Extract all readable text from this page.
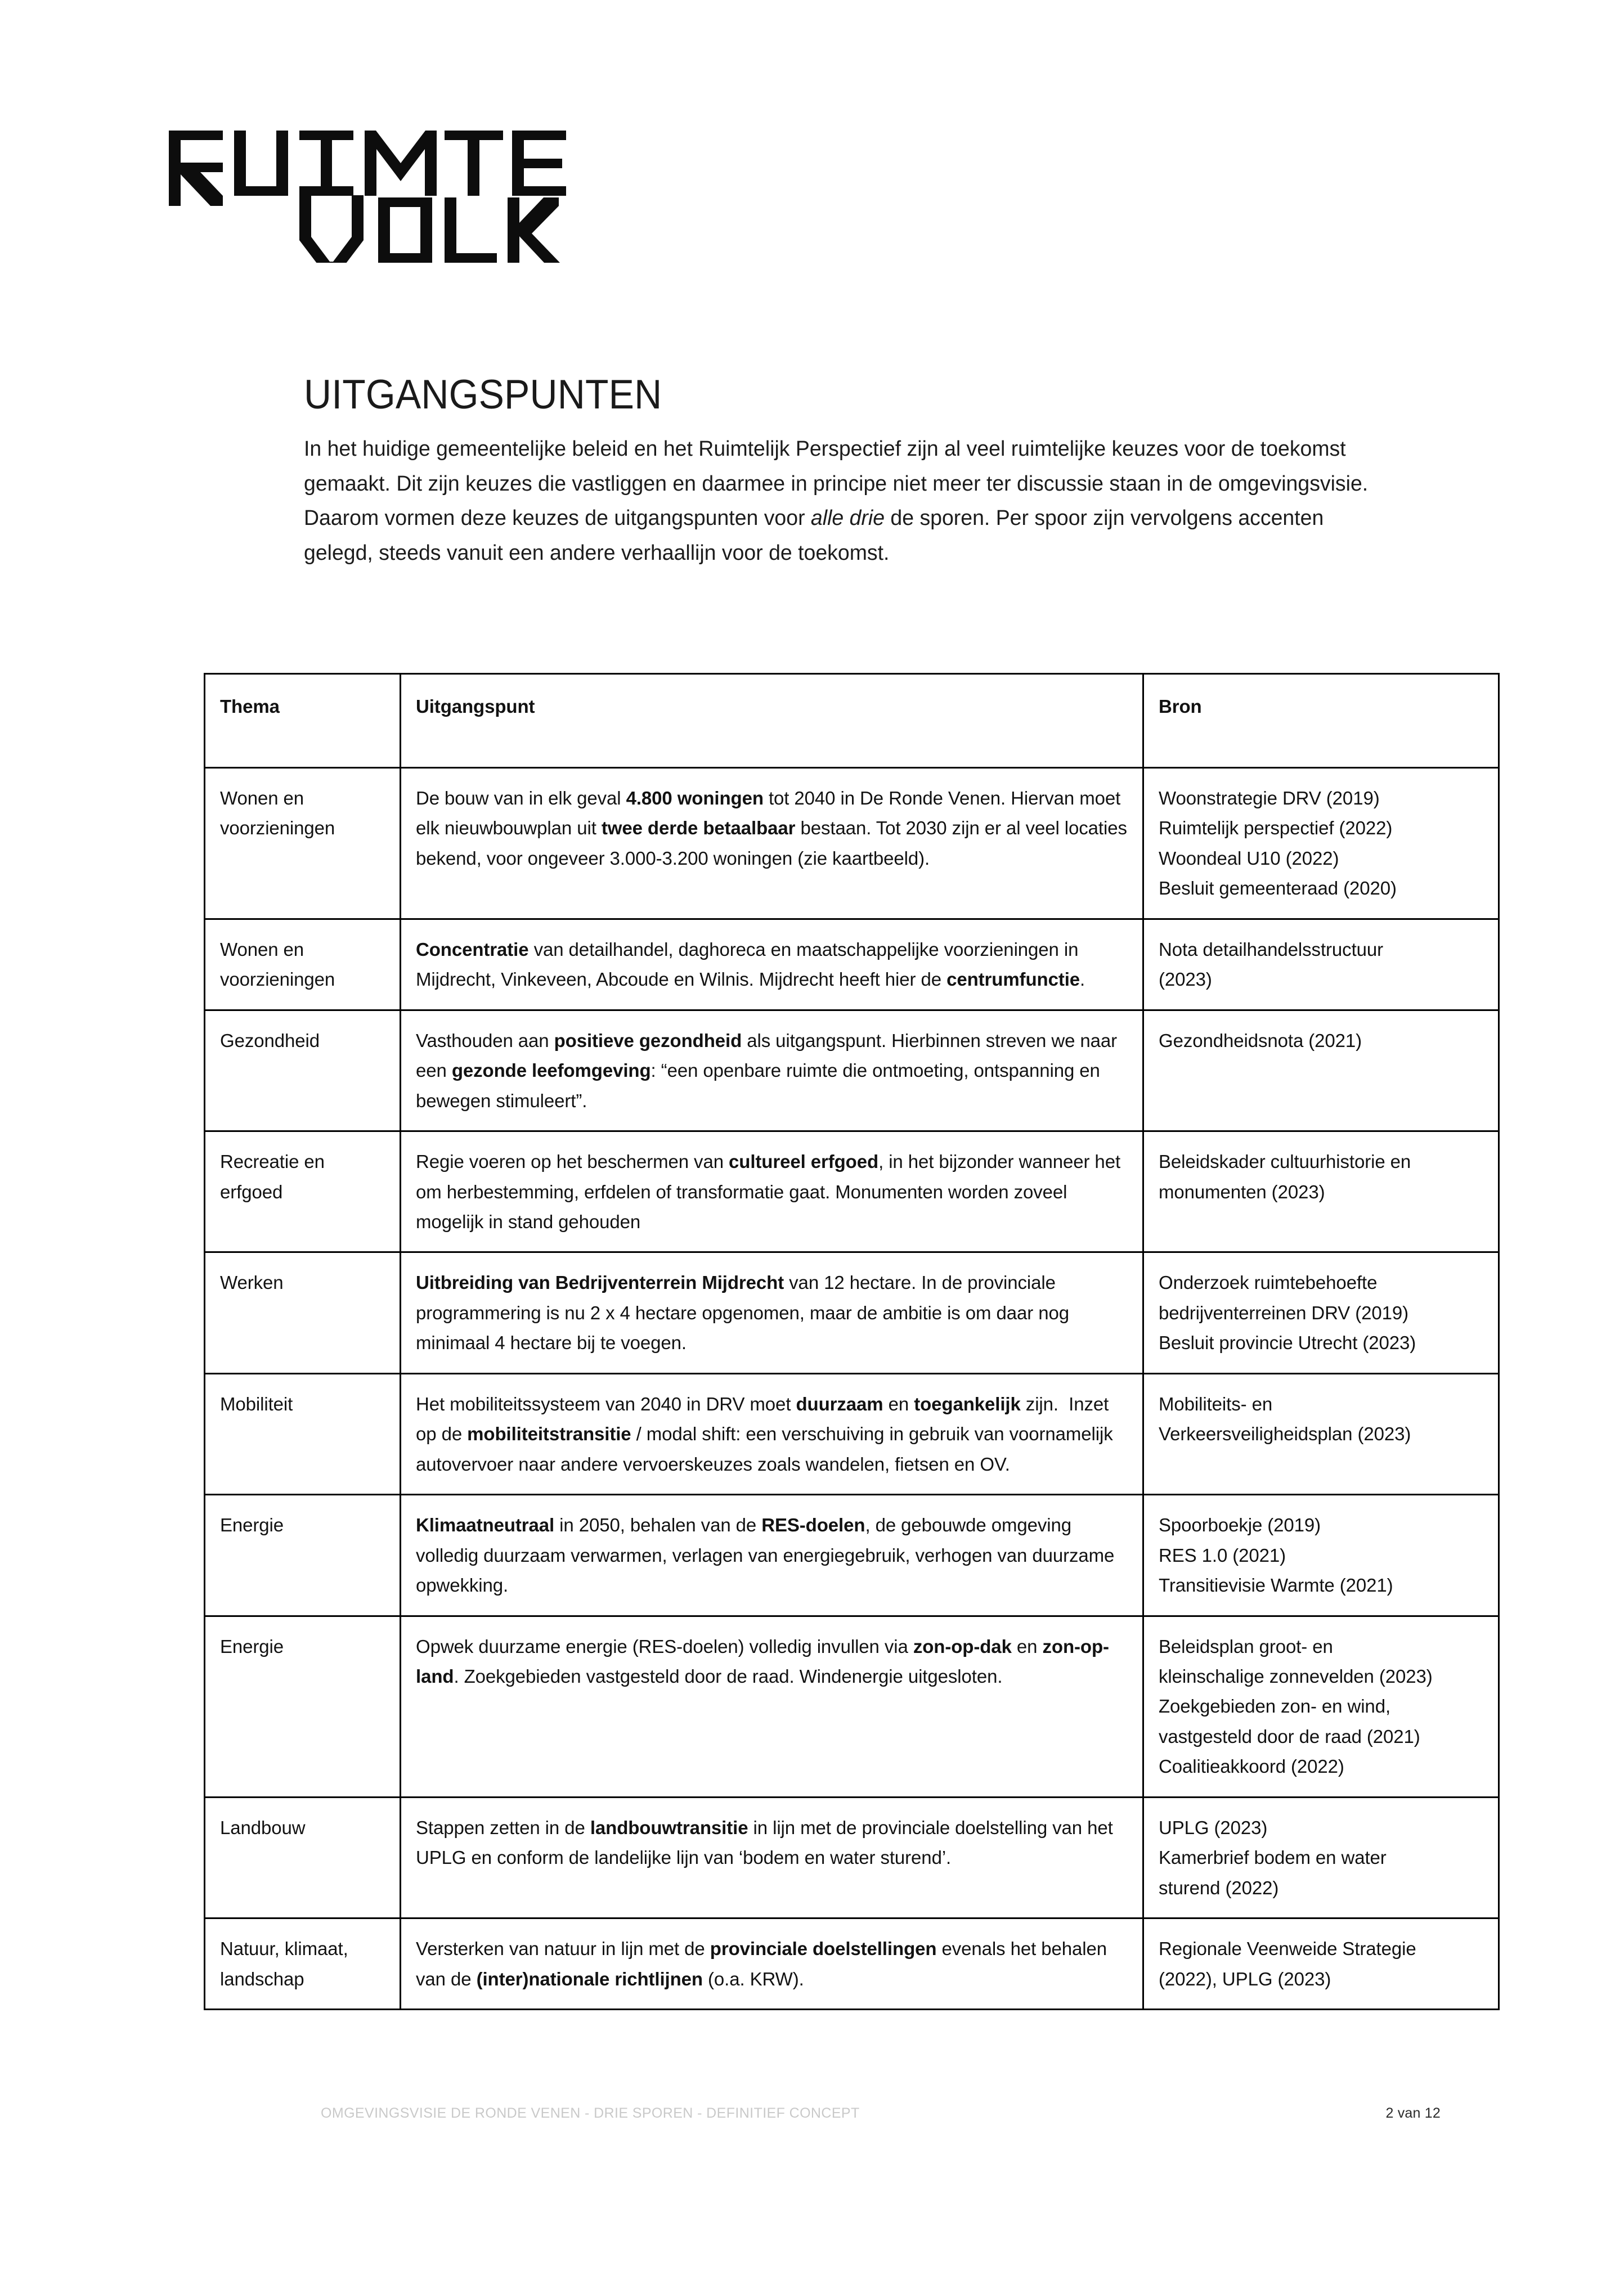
UITGANGSPUNTEN

In het huidige gemeentelijke beleid en het Ruimtelijk Perspectief zijn al veel ruimtelijke keuzes voor de toekomst gemaakt. Dit zijn keuzes die vastliggen en daarmee in principe niet meer ter discussie staan in de omgevingsvisie. Daarom vormen deze keuzes de uitgangspunten voor alle drie de sporen. Per spoor zijn vervolgens accenten gelegd, steeds vanuit een andere verhaallijn voor de toekomst.

Thema	Uitgangspunt	Bron
Wonen en voorzieningen	De bouw van in elk geval 4.800 woningen tot 2040 in De Ronde Venen. Hiervan moet elk nieuwbouwplan uit twee derde betaalbaar bestaan. Tot 2030 zijn er al veel locaties bekend, voor ongeveer 3.000-3.200 woningen (zie kaartbeeld).	
Woonstrategie DRV (2019)
Ruimtelijk perspectief (2022)
Woondeal U10 (2022)
Besluit gemeenteraad (2020)

Wonen en voorzieningen	Concentratie van detailhandel, daghoreca en maatschappelijke voorzieningen in Mijdrecht, Vinkeveen, Abcoude en Wilnis. Mijdrecht heeft hier de centrumfunctie.	Nota detailhandelsstructuur
(2023)

Gezondheid	Vasthouden aan positieve gezondheid als uitgangspunt. Hierbinnen streven we naar een gezonde leefomgeving: “een openbare ruimte die ontmoeting, ontspanning en bewegen stimuleert”.	Gezondheidsnota (2021)

Recreatie en erfgoed	Regie voeren op het beschermen van cultureel erfgoed, in het bijzonder wanneer het om herbestemming, erfdelen of transformatie gaat. Monumenten worden zoveel mogelijk in stand gehouden	Beleidskader cultuurhistorie en
monumenten (2023)

Werken	Uitbreiding van Bedrijventerrein Mijdrecht van 12 hectare. In de provinciale programmering is nu 2 x 4 hectare opgenomen, maar de ambitie is om daar nog minimaal 4 hectare bij te voegen.	Onderzoek ruimtebehoefte
bedrijventerreinen DRV (2019)
Besluit provincie Utrecht (2023)

Mobiliteit	Het mobiliteitssysteem van 2040 in DRV moet duurzaam en toegankelijk zijn.  Inzet op de mobiliteitstransitie / modal shift: een verschuiving in gebruik van voornamelijk autovervoer naar andere vervoerskeuzes zoals wandelen, fietsen en OV.	Mobiliteits- en
Verkeersveiligheidsplan (2023)

Energie	Klimaatneutraal in 2050, behalen van de RES-doelen, de gebouwde omgeving volledig duurzaam verwarmen, verlagen van energiegebruik, verhogen van duurzame opwekking.	Spoorboekje (2019)
RES 1.0 (2021)
Transitievisie Warmte (2021)

Energie	Opwek duurzame energie (RES-doelen) volledig invullen via zon-op-dak en zon-op-land. Zoekgebieden vastgesteld door de raad. Windenergie uitgesloten.	Beleidsplan groot- en
kleinschalige zonnevelden (2023)
Zoekgebieden zon- en wind,
vastgesteld door de raad (2021)
Coalitieakkoord (2022)

Landbouw	Stappen zetten in de landbouwtransitie in lijn met de provinciale doelstelling van het UPLG en conform de landelijke lijn van ‘bodem en water sturend’.	UPLG (2023)
Kamerbrief bodem en water
sturend (2022)

Natuur, klimaat, landschap	Versterken van natuur in lijn met de provinciale doelstellingen evenals het behalen van de (inter)nationale richtlijnen (o.a. KRW).	Regionale Veenweide Strategie
(2022), UPLG (2023)
OMGEVINGSVISIE DE RONDE VENEN - DRIE SPOREN - DEFINITIEF CONCEPT	2 van 12
